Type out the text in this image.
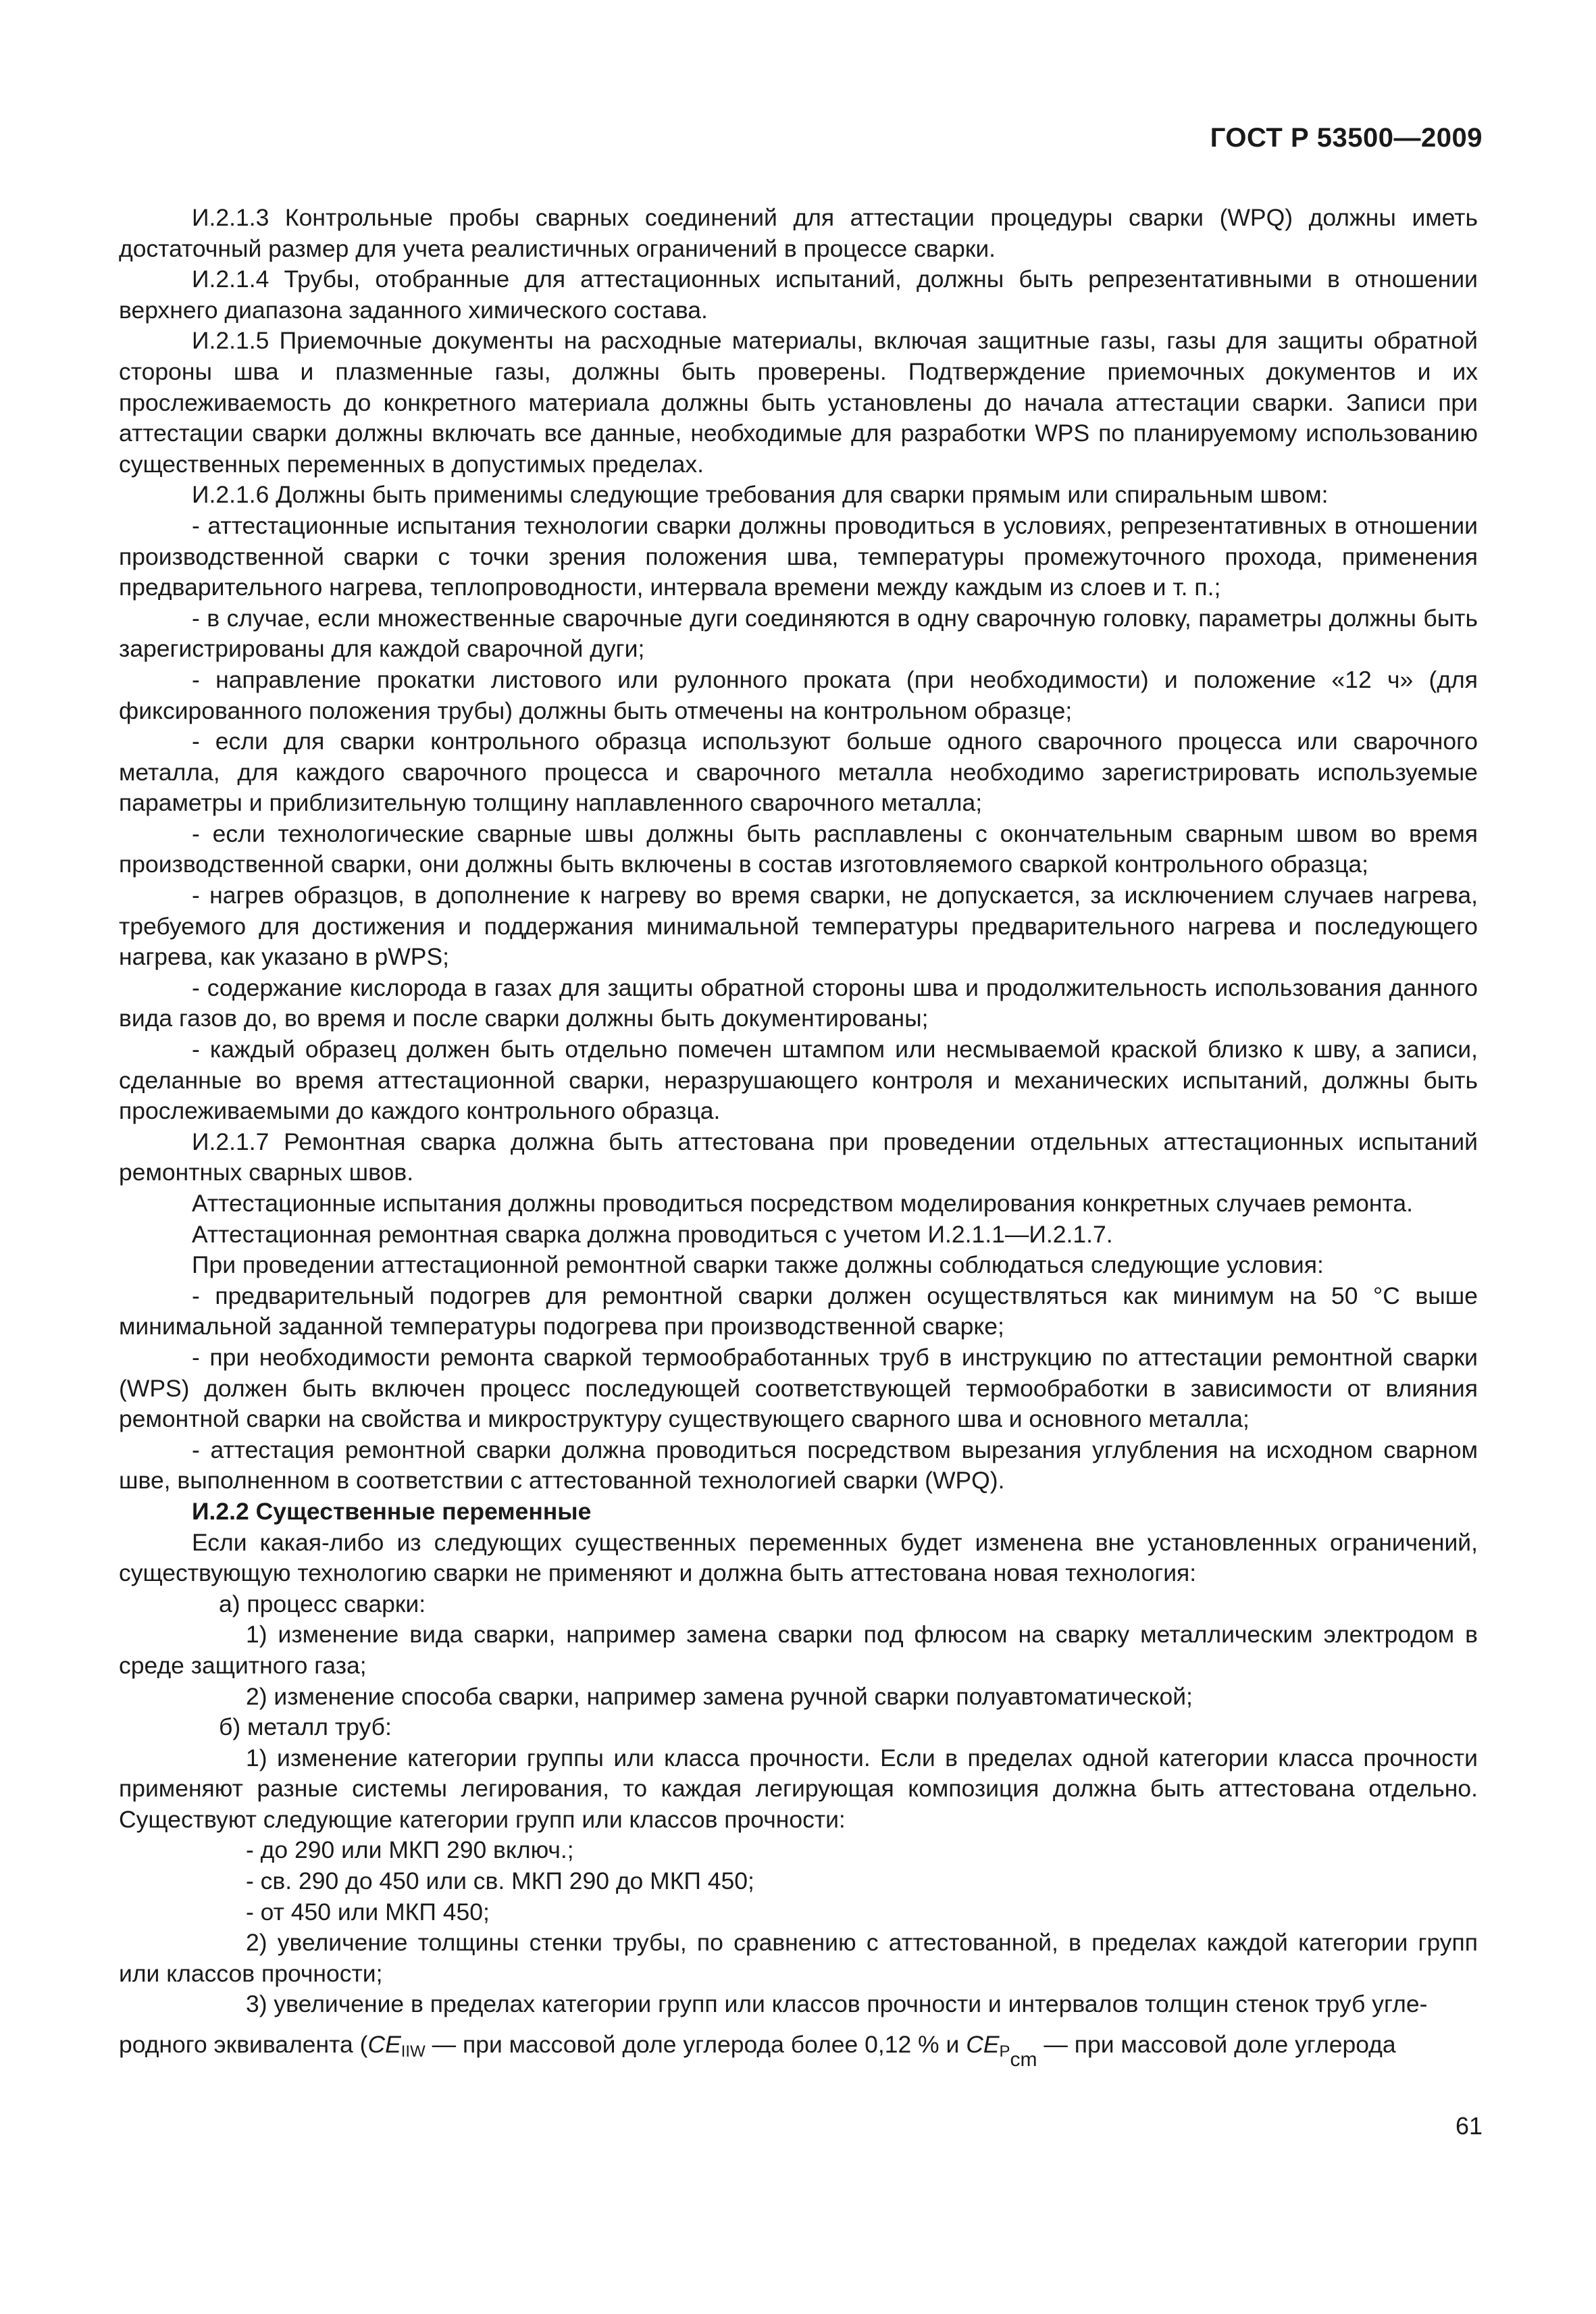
ГОСТ Р 53500—2009

И.2.1.3 Контрольные пробы сварных соединений для аттестации процедуры сварки (WPQ) должны иметь достаточный размер для учета реалистичных ограничений в процессе сварки.

И.2.1.4 Трубы, отобранные для аттестационных испытаний, должны быть репрезентативными в отношении верхнего диапазона заданного химического состава.

И.2.1.5 Приемочные документы на расходные материалы, включая защитные газы, газы для защиты обратной стороны шва и плазменные газы, должны быть проверены. Подтверждение приемочных документов и их прослеживаемость до конкретного материала должны быть установлены до начала аттестации сварки. Записи при аттестации сварки должны включать все данные, необходимые для разработки WPS по планируемому использованию существенных переменных в допустимых пределах.

И.2.1.6 Должны быть применимы следующие требования для сварки прямым или спиральным швом:

- аттестационные испытания технологии сварки должны проводиться в условиях, репрезентативных в отношении производственной сварки с точки зрения положения шва, температуры промежуточного прохода, применения предварительного нагрева, теплопроводности, интервала времени между каждым из слоев и т. п.;

- в случае, если множественные сварочные дуги соединяются в одну сварочную головку, параметры должны быть зарегистрированы для каждой сварочной дуги;

- направление прокатки листового или рулонного проката (при необходимости) и положение «12 ч» (для фиксированного положения трубы) должны быть отмечены на контрольном образце;

- если для сварки контрольного образца используют больше одного сварочного процесса или сварочного металла, для каждого сварочного процесса и сварочного металла необходимо зарегистрировать используемые параметры и приблизительную толщину наплавленного сварочного металла;

- если технологические сварные швы должны быть расплавлены с окончательным сварным швом во время производственной сварки, они должны быть включены в состав изготовляемого сваркой контрольного образца;

- нагрев образцов, в дополнение к нагреву во время сварки, не допускается, за исключением случаев нагрева, требуемого для достижения и поддержания минимальной температуры предварительного нагрева и последующего нагрева, как указано в pWPS;

- содержание кислорода в газах для защиты обратной стороны шва и продолжительность использования данного вида газов до, во время и после сварки должны быть документированы;

- каждый образец должен быть отдельно помечен штампом или несмываемой краской близко к шву, а записи, сделанные во время аттестационной сварки, неразрушающего контроля и механических испытаний, должны быть прослеживаемыми до каждого контрольного образца.

И.2.1.7 Ремонтная сварка должна быть аттестована при проведении отдельных аттестационных испытаний ремонтных сварных швов.

Аттестационные испытания должны проводиться посредством моделирования конкретных случаев ремонта.

Аттестационная ремонтная сварка должна проводиться с учетом И.2.1.1—И.2.1.7.

При проведении аттестационной ремонтной сварки также должны соблюдаться следующие условия:

- предварительный подогрев для ремонтной сварки должен осуществляться как минимум на 50 °С выше минимальной заданной температуры подогрева при производственной сварке;

- при необходимости ремонта сваркой термообработанных труб в инструкцию по аттестации ремонтной сварки (WPS) должен быть включен процесс последующей соответствующей термообработки в зависимости от влияния ремонтной сварки на свойства и микроструктуру существующего сварного шва и основного металла;

- аттестация ремонтной сварки должна проводиться посредством вырезания углубления на исходном сварном шве, выполненном в соответствии с аттестованной технологией сварки (WPQ).

И.2.2 Существенные переменные

Если какая-либо из следующих существенных переменных будет изменена вне установленных ограничений, существующую технологию сварки не применяют и должна быть аттестована новая технология:

а) процесс сварки:

1) изменение вида сварки, например замена сварки под флюсом на сварку металлическим электродом в среде защитного газа;

2) изменение способа сварки, например замена ручной сварки полуавтоматической;

б) металл труб:

1) изменение категории группы или класса прочности. Если в пределах одной категории класса прочности применяют разные системы легирования, то каждая легирующая композиция должна быть аттестована отдельно. Существуют следующие категории групп или классов прочности:

- до 290 или МКП 290 включ.;

- св. 290 до 450 или св. МКП 290 до МКП 450;

- от 450 или МКП 450;

2) увеличение толщины стенки трубы, по сравнению с аттестованной, в пределах каждой категории групп или классов прочности;

3) увеличение в пределах категории групп или классов прочности и интервалов толщин стенок труб угле-

родного эквивалента ($CE_{IIW}$ — при массовой доле углерода более 0,12 % и $CE_{P_{cm}}$ — при массовой доле углерода

61
